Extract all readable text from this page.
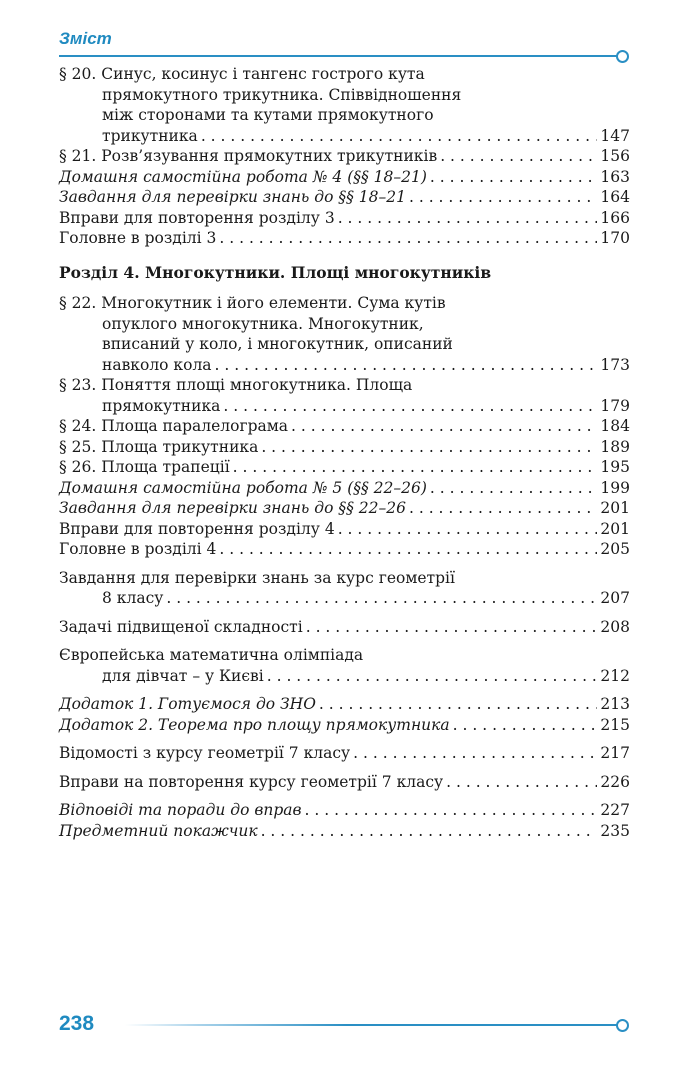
Зміст
§ 20. Синус, косинус і тангенс гострого кута
прямокутного трикутника. Співвідношення
між сторонами та кутами прямокутного
трикутника . . .	147
§ 21. Розв’язування прямокутних трикутників . . .	156
Домашня самостійна робота № 4 (§§ 18–21) . . .	163
Завдання для перевірки знань до §§ 18–21 . . .	164
Вправи для повторення розділу 3 . . .	166
Головне в розділі 3 . . .	170
Розділ 4. Многокутники. Площі многокутників
§ 22. Многокутник і його елементи. Сума кутів
опуклого многокутника. Многокутник,
вписаний у коло, і многокутник, описаний
навколо кола . . .	173
§ 23. Поняття площі многокутника. Площа
прямокутника . . .	179
§ 24. Площа паралелограма . . .	184
§ 25. Площа трикутника . . .	189
§ 26. Площа трапеції . . .	195
Домашня самостійна робота № 5 (§§ 22–26) . . .	199
Завдання для перевірки знань до §§ 22–26 . . .	201
Вправи для повторення розділу 4 . . .	201
Головне в розділі 4 . . .	205
Завдання для перевірки знань за курс геометрії
8 класу . . .	207
Задачі підвищеної складності . . .	208
Європейська математична олімпіада
для дівчат – у Києві . . .	212
Додаток 1. Готуємося до ЗНО . . .	213
Додаток 2. Теорема про площу прямокутника . . .	215
Відомості з курсу геометрії 7 класу . . .	217
Вправи на повторення курсу геометрії 7 класу . . .	226
Відповіді та поради до вправ . . .	227
Предметний покажчик . . .	235
238
